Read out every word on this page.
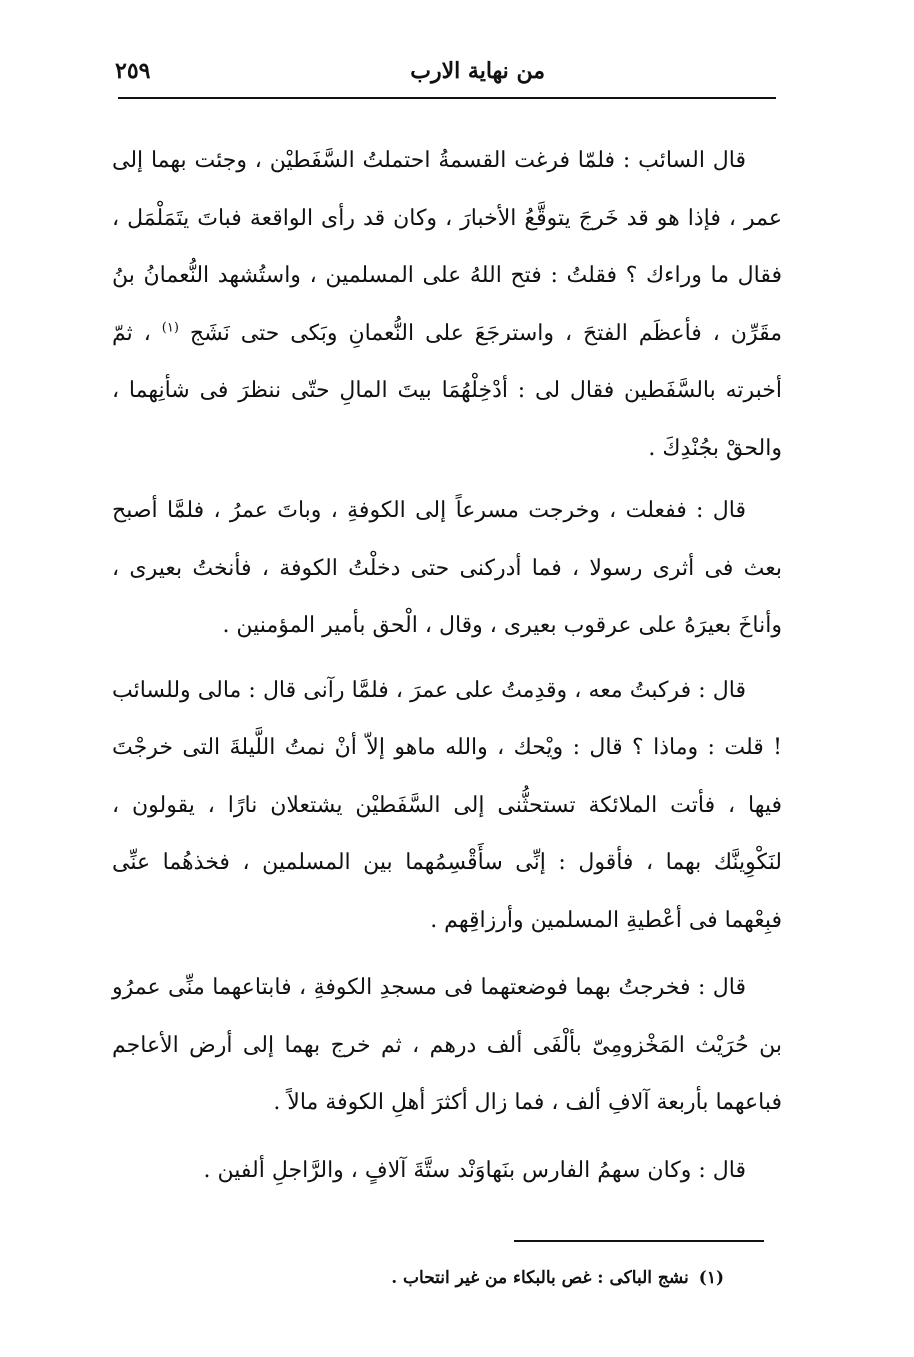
من نهاية الارب
٢٥٩

قال السائب : فلمّا فرغت القسمةُ احتملتُ السَّفَطيْن ، وجئت بهما إلى عمر ، فإذا هو قد خَرجَ يتوقَّعُ الأخبارَ ، وكان قد رأى الواقعة فباتَ يتَمَلْمَل ، فقال ما وراءك ؟ فقلتُ : فتح اللهُ على المسلمين ، واستُشهد النُّعمانُ بنُ مقَرِّن ، فأعظَم الفتحَ ، واسترجَعَ على النُّعمانِ وبَكى حتى نَشَج $^{(١)}$ ، ثمّ أخبرته بالسَّفَطين فقال لى : أدْخِلْهُمَا بيتَ المالِ حتّى ننظرَ فى شأنِهما ، والحقْ بجُنْدِكَ .

قال : ففعلت ، وخرجت مسرعاً إلى الكوفةِ ، وباتَ عمرُ ، فلمَّا أصبح بعث فى أثرى رسولا ، فما أدركنى حتى دخلْتُ الكوفة ، فأنختُ بعيرى ، وأناخَ بعيرَهُ على عرقوب بعيرى ، وقال ، الْحق بأمير المؤمنين .

قال : فركبتُ معه ، وقدِمتُ على عمرَ ، فلمَّا رآنى قال : مالى وللسائب ! قلت : وماذا ؟ قال : ويْحك ، والله ماهو إلاّ أنْ نمتُ اللَّيلةَ التى خرجْتَ فيها ، فأتت الملائكة تستحثُّنى إلى السَّفَطيْن يشتعلان نارًا ، يقولون ، لنَكْوِينَّك بهما ، فأقول : إنِّى سأَقْسِمُهما بين المسلمين ، فخذهُما عنِّى فبِعْهما فى أعْطيةِ المسلمين وأرزاقِهم .

قال : فخرجتُ بهما فوضعتهما فى مسجدِ الكوفةِ ، فابتاعهما منِّى عمرُو بن حُرَيْث المَخْزومِىّ بألْفَى ألف درهم ، ثم خرج بهما إلى أرض الأعاجم فباعهما بأربعة آلافِ ألف ، فما زال أكثرَ أهلِ الكوفة مالاً .

قال : وكان سهمُ الفارس بنَهاوَنْد ستَّةَ آلافٍ ، والرَّاجلِ ألفين .

(١)نشج الباكى : غص بالبكاء من غير انتحاب .
